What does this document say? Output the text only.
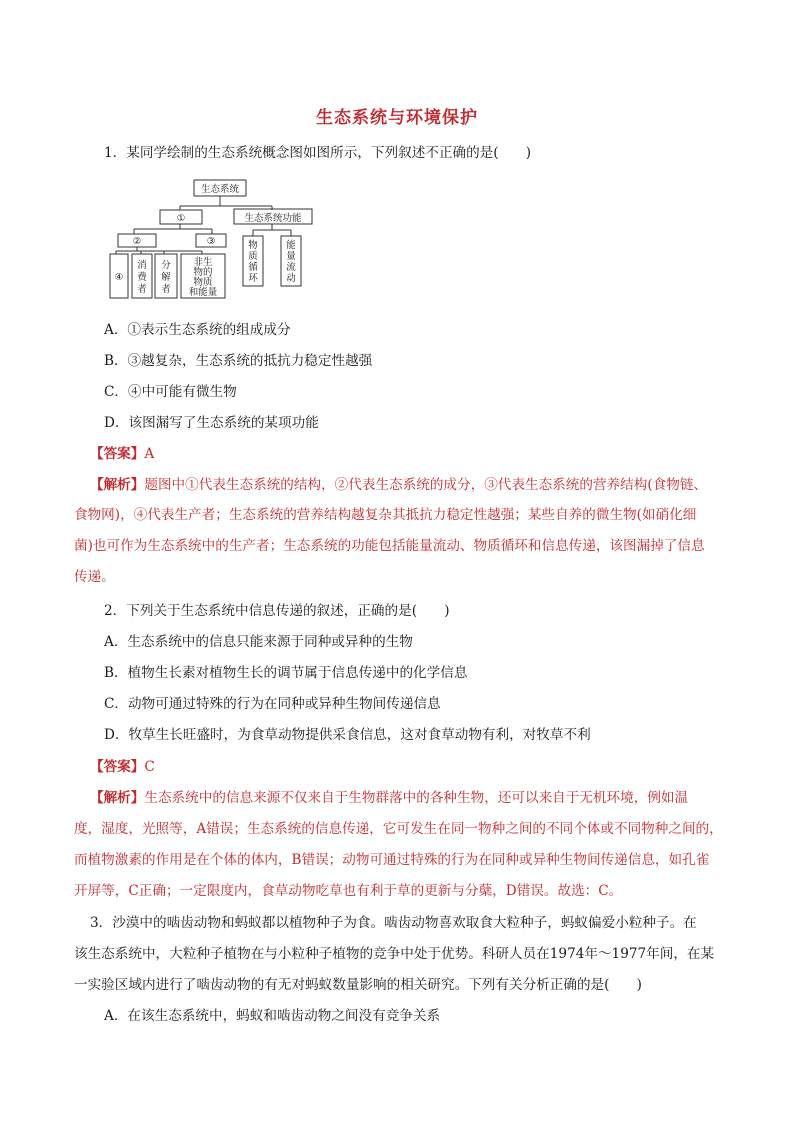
生态系统与环境保护
1．某同学绘制的生态系统概念图如图所示，下列叙述不正确的是(　　)
生态系统
①	生态系统功能
②	③
④
消
费
者
分
解
者
非生
物的
物质
和能量
物
质
循
环
能
量
流
动
A．①表示生态系统的组成成分
B．③越复杂，生态系统的抵抗力稳定性越强
C．④中可能有微生物
D．该图漏写了生态系统的某项功能
【答案】A
【解析】题图中①代表生态系统的结构，②代表生态系统的成分，③代表生态系统的营养结构(食物链、
食物网)，④代表生产者；生态系统的营养结构越复杂其抵抗力稳定性越强；某些自养的微生物(如硝化细
菌)也可作为生态系统中的生产者；生态系统的功能包括能量流动、物质循环和信息传递，该图漏掉了信息
传递。
2．下列关于生态系统中信息传递的叙述，正确的是(　　)
A．生态系统中的信息只能来源于同种或异种的生物
B．植物生长素对植物生长的调节属于信息传递中的化学信息
C．动物可通过特殊的行为在同种或异种生物间传递信息
D．牧草生长旺盛时，为食草动物提供采食信息，这对食草动物有利，对牧草不利
【答案】C
【解析】生态系统中的信息来源不仅来自于生物群落中的各种生物，还可以来自于无机环境，例如温
度，湿度，光照等，A错误；生态系统的信息传递，它可发生在同一物种之间的不同个体或不同物种之间的，
而植物激素的作用是在个体的体内，B错误；动物可通过特殊的行为在同种或异种生物间传递信息，如孔雀
开屏等，C正确；一定限度内，食草动物吃草也有利于草的更新与分蘖，D错误。故选：C。
3．沙漠中的啮齿动物和蚂蚁都以植物种子为食。啮齿动物喜欢取食大粒种子，蚂蚁偏爱小粒种子。在
该生态系统中，大粒种子植物在与小粒种子植物的竞争中处于优势。科研人员在1974年～1977年间，在某
一实验区域内进行了啮齿动物的有无对蚂蚁数量影响的相关研究。下列有关分析正确的是(　　)
A．在该生态系统中，蚂蚁和啮齿动物之间没有竞争关系
